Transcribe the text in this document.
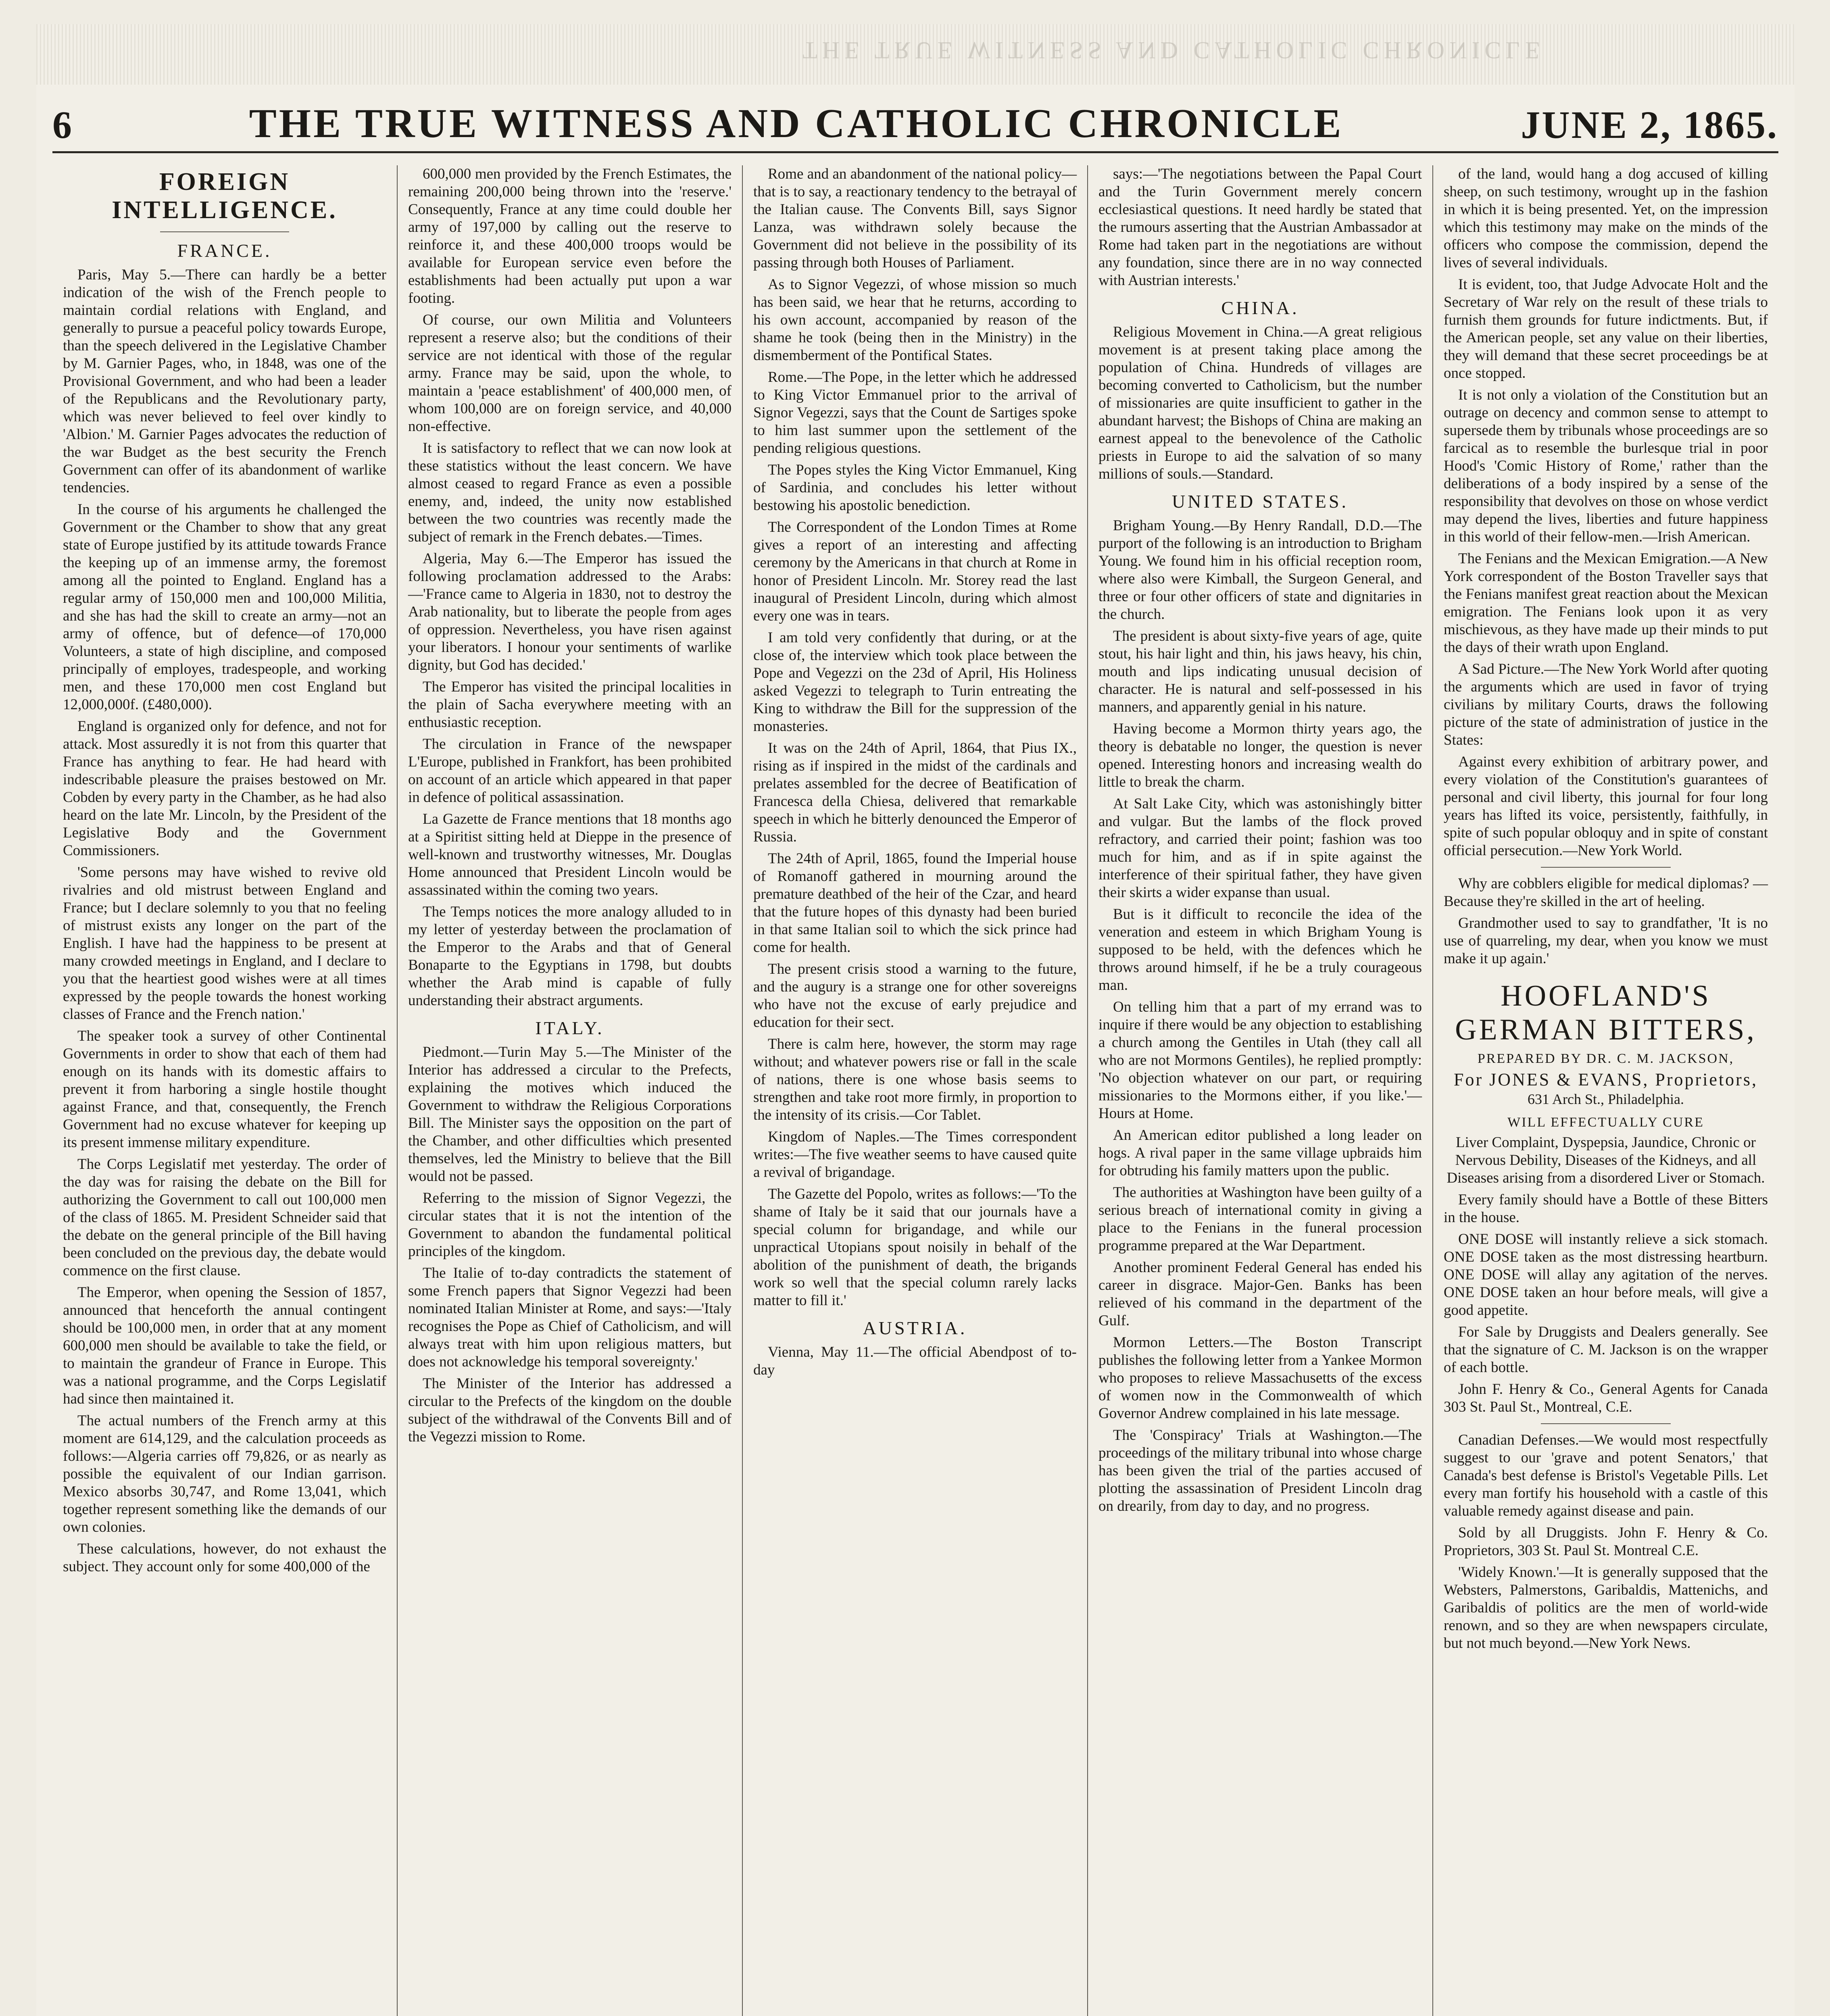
THE TRUE WITNESS AND CATHOLIC CHRONICLE
6	THE TRUE WITNESS AND CATHOLIC CHRONICLE	JUNE 2, 1865.
FOREIGN INTELLIGENCE.
FRANCE.

Paris, May 5.—There can hardly be a better indication of the wish of the French people to maintain cordial relations with England, and generally to pursue a peaceful policy towards Europe, than the speech delivered in the Legislative Chamber by M. Garnier Pages, who, in 1848, was one of the Provisional Government, and who had been a leader of the Republicans and the Revolutionary party, which was never believed to feel over kindly to 'Albion.' M. Garnier Pages advocates the reduction of the war Budget as the best security the French Government can offer of its abandonment of warlike tendencies.

In the course of his arguments he challenged the Government or the Chamber to show that any great state of Europe justified by its attitude towards France the keeping up of an immense army, the foremost among all the pointed to England. England has a regular army of 150,000 men and 100,000 Militia, and she has had the skill to create an army—not an army of offence, but of defence—of 170,000 Volunteers, a state of high discipline, and composed principally of employes, tradespeople, and working men, and these 170,000 men cost England but 12,000,000f. (£480,000).

England is organized only for defence, and not for attack. Most assuredly it is not from this quarter that France has anything to fear. He had heard with indescribable pleasure the praises bestowed on Mr. Cobden by every party in the Chamber, as he had also heard on the late Mr. Lincoln, by the President of the Legislative Body and the Government Commissioners.

'Some persons may have wished to revive old rivalries and old mistrust between England and France; but I declare solemnly to you that no feeling of mistrust exists any longer on the part of the English. I have had the happiness to be present at many crowded meetings in England, and I declare to you that the heartiest good wishes were at all times expressed by the people towards the honest working classes of France and the French nation.'

The speaker took a survey of other Continental Governments in order to show that each of them had enough on its hands with its domestic affairs to prevent it from harboring a single hostile thought against France, and that, consequently, the French Government had no excuse whatever for keeping up its present immense military expenditure.

The Corps Legislatif met yesterday. The order of the day was for raising the debate on the Bill for authorizing the Government to call out 100,000 men of the class of 1865. M. President Schneider said that the debate on the general principle of the Bill having been concluded on the previous day, the debate would commence on the first clause.

The Emperor, when opening the Session of 1857, announced that henceforth the annual contingent should be 100,000 men, in order that at any moment 600,000 men should be available to take the field, or to maintain the grandeur of France in Europe. This was a national programme, and the Corps Legislatif had since then maintained it.

The actual numbers of the French army at this moment are 614,129, and the calculation proceeds as follows:—Algeria carries off 79,826, or as nearly as possible the equivalent of our Indian garrison. Mexico absorbs 30,747, and Rome 13,041, which together represent something like the demands of our own colonies.

These calculations, however, do not exhaust the subject. They account only for some 400,000 of the

600,000 men provided by the French Estimates, the remaining 200,000 being thrown into the 'reserve.' Consequently, France at any time could double her army of 197,000 by calling out the reserve to reinforce it, and these 400,000 troops would be available for European service even before the establishments had been actually put upon a war footing.

Of course, our own Militia and Volunteers represent a reserve also; but the conditions of their service are not identical with those of the regular army. France may be said, upon the whole, to maintain a 'peace establishment' of 400,000 men, of whom 100,000 are on foreign service, and 40,000 non-effective.

It is satisfactory to reflect that we can now look at these statistics without the least concern. We have almost ceased to regard France as even a possible enemy, and, indeed, the unity now established between the two countries was recently made the subject of remark in the French debates.—Times.

Algeria, May 6.—The Emperor has issued the following proclamation addressed to the Arabs:—'France came to Algeria in 1830, not to destroy the Arab nationality, but to liberate the people from ages of oppression. Nevertheless, you have risen against your liberators. I honour your sentiments of warlike dignity, but God has decided.'

The Emperor has visited the principal localities in the plain of Sacha everywhere meeting with an enthusiastic reception.

The circulation in France of the newspaper L'Europe, published in Frankfort, has been prohibited on account of an article which appeared in that paper in defence of political assassination.

La Gazette de France mentions that 18 months ago at a Spiritist sitting held at Dieppe in the presence of well-known and trustworthy witnesses, Mr. Douglas Home announced that President Lincoln would be assassinated within the coming two years.

The Temps notices the more analogy alluded to in my letter of yesterday between the proclamation of the Emperor to the Arabs and that of General Bonaparte to the Egyptians in 1798, but doubts whether the Arab mind is capable of fully understanding their abstract arguments.

ITALY.

Piedmont.—Turin May 5.—The Minister of the Interior has addressed a circular to the Prefects, explaining the motives which induced the Government to withdraw the Religious Corporations Bill. The Minister says the opposition on the part of the Chamber, and other difficulties which presented themselves, led the Ministry to believe that the Bill would not be passed.

Referring to the mission of Signor Vegezzi, the circular states that it is not the intention of the Government to abandon the fundamental political principles of the kingdom.

The Italie of to-day contradicts the statement of some French papers that Signor Vegezzi had been nominated Italian Minister at Rome, and says:—'Italy recognises the Pope as Chief of Catholicism, and will always treat with him upon religious matters, but does not acknowledge his temporal sovereignty.'

The Minister of the Interior has addressed a circular to the Prefects of the kingdom on the double subject of the withdrawal of the Convents Bill and of the Vegezzi mission to Rome.

Rome and an abandonment of the national policy—that is to say, a reactionary tendency to the betrayal of the Italian cause. The Convents Bill, says Signor Lanza, was withdrawn solely because the Government did not believe in the possibility of its passing through both Houses of Parliament.

As to Signor Vegezzi, of whose mission so much has been said, we hear that he returns, according to his own account, accompanied by reason of the shame he took (being then in the Ministry) in the dismemberment of the Pontifical States.

Rome.—The Pope, in the letter which he addressed to King Victor Emmanuel prior to the arrival of Signor Vegezzi, says that the Count de Sartiges spoke to him last summer upon the settlement of the pending religious questions.

The Popes styles the King Victor Emmanuel, King of Sardinia, and concludes his letter without bestowing his apostolic benediction.

The Correspondent of the London Times at Rome gives a report of an interesting and affecting ceremony by the Americans in that church at Rome in honor of President Lincoln. Mr. Storey read the last inaugural of President Lincoln, during which almost every one was in tears.

I am told very confidently that during, or at the close of, the interview which took place between the Pope and Vegezzi on the 23d of April, His Holiness asked Vegezzi to telegraph to Turin entreating the King to withdraw the Bill for the suppression of the monasteries.

It was on the 24th of April, 1864, that Pius IX., rising as if inspired in the midst of the cardinals and prelates assembled for the decree of Beatification of Francesca della Chiesa, delivered that remarkable speech in which he bitterly denounced the Emperor of Russia.

The 24th of April, 1865, found the Imperial house of Romanoff gathered in mourning around the premature deathbed of the heir of the Czar, and heard that the future hopes of this dynasty had been buried in that same Italian soil to which the sick prince had come for health.

The present crisis stood a warning to the future, and the augury is a strange one for other sovereigns who have not the excuse of early prejudice and education for their sect.

There is calm here, however, the storm may rage without; and whatever powers rise or fall in the scale of nations, there is one whose basis seems to strengthen and take root more firmly, in proportion to the intensity of its crisis.—Cor Tablet.

Kingdom of Naples.—The Times correspondent writes:—The five weather seems to have caused quite a revival of brigandage.

The Gazette del Popolo, writes as follows:—'To the shame of Italy be it said that our journals have a special column for brigandage, and while our unpractical Utopians spout noisily in behalf of the abolition of the punishment of death, the brigands work so well that the special column rarely lacks matter to fill it.'

AUSTRIA.

Vienna, May 11.—The official Abendpost of to-day

says:—'The negotiations between the Papal Court and the Turin Government merely concern ecclesiastical questions. It need hardly be stated that the rumours asserting that the Austrian Ambassador at Rome had taken part in the negotiations are without any foundation, since there are in no way connected with Austrian interests.'

CHINA.

Religious Movement in China.—A great religious movement is at present taking place among the population of China. Hundreds of villages are becoming converted to Catholicism, but the number of missionaries are quite insufficient to gather in the abundant harvest; the Bishops of China are making an earnest appeal to the benevolence of the Catholic priests in Europe to aid the salvation of so many millions of souls.—Standard.

UNITED STATES.

Brigham Young.—By Henry Randall, D.D.—The purport of the following is an introduction to Brigham Young. We found him in his official reception room, where also were Kimball, the Surgeon General, and three or four other officers of state and dignitaries in the church.

The president is about sixty-five years of age, quite stout, his hair light and thin, his jaws heavy, his chin, mouth and lips indicating unusual decision of character. He is natural and self-possessed in his manners, and apparently genial in his nature.

Having become a Mormon thirty years ago, the theory is debatable no longer, the question is never opened. Interesting honors and increasing wealth do little to break the charm.

At Salt Lake City, which was astonishingly bitter and vulgar. But the lambs of the flock proved refractory, and carried their point; fashion was too much for him, and as if in spite against the interference of their spiritual father, they have given their skirts a wider expanse than usual.

But is it difficult to reconcile the idea of the veneration and esteem in which Brigham Young is supposed to be held, with the defences which he throws around himself, if he be a truly courageous man.

On telling him that a part of my errand was to inquire if there would be any objection to establishing a church among the Gentiles in Utah (they call all who are not Mormons Gentiles), he replied promptly: 'No objection whatever on our part, or requiring missionaries to the Mormons either, if you like.'—Hours at Home.

An American editor published a long leader on hogs. A rival paper in the same village upbraids him for obtruding his family matters upon the public.

The authorities at Washington have been guilty of a serious breach of international comity in giving a place to the Fenians in the funeral procession programme prepared at the War Department.

Another prominent Federal General has ended his career in disgrace. Major-Gen. Banks has been relieved of his command in the department of the Gulf.

Mormon Letters.—The Boston Transcript publishes the following letter from a Yankee Mormon who proposes to relieve Massachusetts of the excess of women now in the Commonwealth of which Governor Andrew complained in his late message.

The 'Conspiracy' Trials at Washington.—The proceedings of the military tribunal into whose charge has been given the trial of the parties accused of plotting the assassination of President Lincoln drag on drearily, from day to day, and no progress.

of the land, would hang a dog accused of killing sheep, on such testimony, wrought up in the fashion in which it is being presented. Yet, on the impression which this testimony may make on the minds of the officers who compose the commission, depend the lives of several individuals.

It is evident, too, that Judge Advocate Holt and the Secretary of War rely on the result of these trials to furnish them grounds for future indictments. But, if the American people, set any value on their liberties, they will demand that these secret proceedings be at once stopped.

It is not only a violation of the Constitution but an outrage on decency and common sense to attempt to supersede them by tribunals whose proceedings are so farcical as to resemble the burlesque trial in poor Hood's 'Comic History of Rome,' rather than the deliberations of a body inspired by a sense of the responsibility that devolves on those on whose verdict may depend the lives, liberties and future happiness in this world of their fellow-men.—Irish American.

The Fenians and the Mexican Emigration.—A New York correspondent of the Boston Traveller says that the Fenians manifest great reaction about the Mexican emigration. The Fenians look upon it as very mischievous, as they have made up their minds to put the days of their wrath upon England.

A Sad Picture.—The New York World after quoting the arguments which are used in favor of trying civilians by military Courts, draws the following picture of the state of administration of justice in the States:

Against every exhibition of arbitrary power, and every violation of the Constitution's guarantees of personal and civil liberty, this journal for four long years has lifted its voice, persistently, faithfully, in spite of such popular obloquy and in spite of constant official persecution.—New York World.

Why are cobblers eligible for medical diplomas? —Because they're skilled in the art of heeling.

Grandmother used to say to grandfather, 'It is no use of quarreling, my dear, when you know we must make it up again.'

HOOFLAND'S GERMAN BITTERS,
PREPARED BY DR. C. M. JACKSON,
For JONES & EVANS, Proprietors,
631 Arch St., Philadelphia.
WILL EFFECTUALLY CURE

Liver Complaint, Dyspepsia, Jaundice, Chronic or Nervous Debility, Diseases of the Kidneys, and all Diseases arising from a disordered Liver or Stomach.

Every family should have a Bottle of these Bitters in the house.

ONE DOSE will instantly relieve a sick stomach. ONE DOSE taken as the most distressing heartburn. ONE DOSE will allay any agitation of the nerves. ONE DOSE taken an hour before meals, will give a good appetite.

For Sale by Druggists and Dealers generally. See that the signature of C. M. Jackson is on the wrapper of each bottle.

John F. Henry & Co., General Agents for Canada 303 St. Paul St., Montreal, C.E.

Canadian Defenses.—We would most respectfully suggest to our 'grave and potent Senators,' that Canada's best defense is Bristol's Vegetable Pills. Let every man fortify his household with a castle of this valuable remedy against disease and pain.

Sold by all Druggists. John F. Henry & Co. Proprietors, 303 St. Paul St. Montreal C.E.

'Widely Known.'—It is generally supposed that the Websters, Palmerstons, Garibaldis, Mattenichs, and Garibaldis of politics are the men of world-wide renown, and so they are when newspapers circulate, but not much beyond.—New York News.
